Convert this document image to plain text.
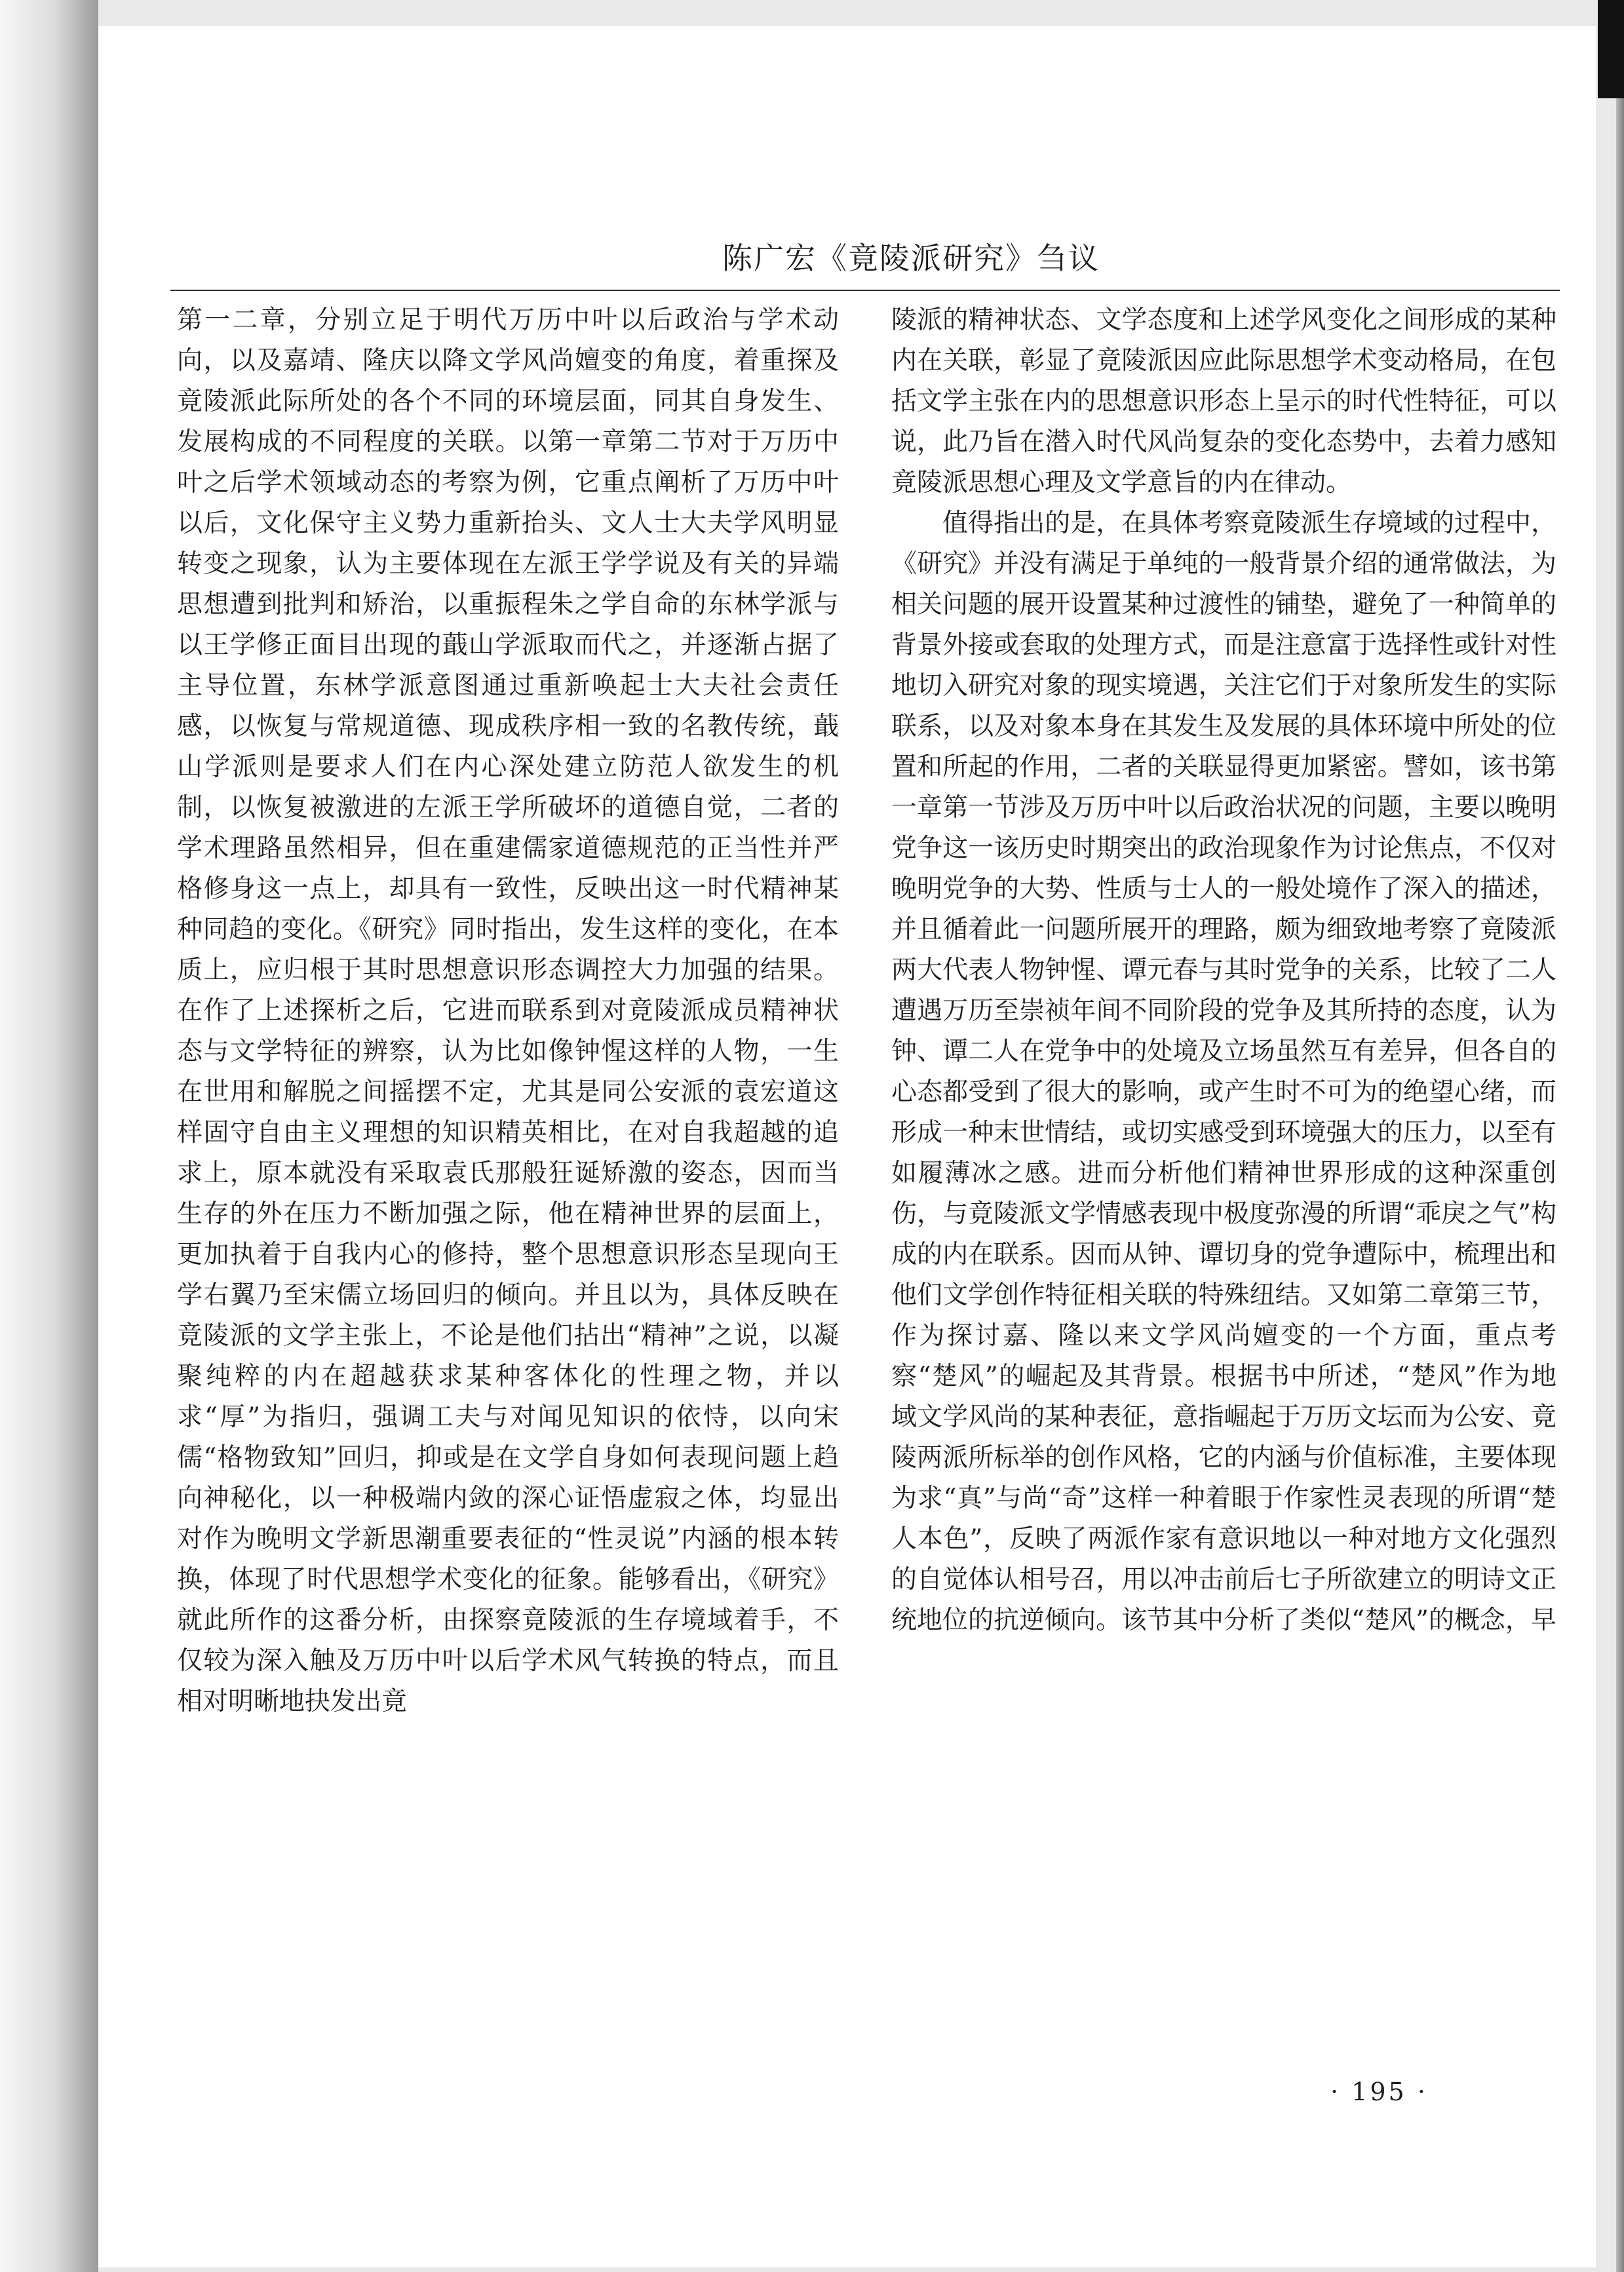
陈广宏《竟陵派研究》刍议

第一二章，分别立足于明代万历中叶以后政治与学术动向，以及嘉靖、隆庆以降文学风尚嬗变的角度，着重探及竟陵派此际所处的各个不同的环境层面，同其自身发生、发展构成的不同程度的关联。以第一章第二节对于万历中叶之后学术领域动态的考察为例，它重点阐析了万历中叶以后，文化保守主义势力重新抬头、文人士大夫学风明显转变之现象，认为主要体现在左派王学学说及有关的异端思想遭到批判和矫治，以重振程朱之学自命的东林学派与以王学修正面目出现的蕺山学派取而代之，并逐渐占据了主导位置，东林学派意图通过重新唤起士大夫社会责任感，以恢复与常规道德、现成秩序相一致的名教传统，蕺山学派则是要求人们在内心深处建立防范人欲发生的机制，以恢复被激进的左派王学所破坏的道德自觉，二者的学术理路虽然相异，但在重建儒家道德规范的正当性并严格修身这一点上，却具有一致性，反映出这一时代精神某种同趋的变化。《研究》同时指出，发生这样的变化，在本质上，应归根于其时思想意识形态调控大力加强的结果。在作了上述探析之后，它进而联系到对竟陵派成员精神状态与文学特征的辨察，认为比如像钟惺这样的人物，一生在世用和解脱之间摇摆不定，尤其是同公安派的袁宏道这样固守自由主义理想的知识精英相比，在对自我超越的追求上，原本就没有采取袁氏那般狂诞矫激的姿态，因而当生存的外在压力不断加强之际，他在精神世界的层面上，更加执着于自我内心的修持，整个思想意识形态呈现向王学右翼乃至宋儒立场回归的倾向。并且以为，具体反映在竟陵派的文学主张上，不论是他们拈出“精神”之说，以凝聚纯粹的内在超越获求某种客体化的性理之物，并以求“厚”为指归，强调工夫与对闻见知识的依恃，以向宋儒“格物致知”回归，抑或是在文学自身如何表现问题上趋向神秘化，以一种极端内敛的深心证悟虚寂之体，均显出对作为晚明文学新思潮重要表征的“性灵说”内涵的根本转换，体现了时代思想学术变化的征象。能够看出，《研究》就此所作的这番分析，由探察竟陵派的生存境域着手，不仅较为深入触及万历中叶以后学术风气转换的特点，而且相对明晰地抉发出竟

陵派的精神状态、文学态度和上述学风变化之间形成的某种内在关联，彰显了竟陵派因应此际思想学术变动格局，在包括文学主张在内的思想意识形态上呈示的时代性特征，可以说，此乃旨在潜入时代风尚复杂的变化态势中，去着力感知竟陵派思想心理及文学意旨的内在律动。

值得指出的是，在具体考察竟陵派生存境域的过程中，《研究》并没有满足于单纯的一般背景介绍的通常做法，为相关问题的展开设置某种过渡性的铺垫，避免了一种简单的背景外接或套取的处理方式，而是注意富于选择性或针对性地切入研究对象的现实境遇，关注它们于对象所发生的实际联系，以及对象本身在其发生及发展的具体环境中所处的位置和所起的作用，二者的关联显得更加紧密。譬如，该书第一章第一节涉及万历中叶以后政治状况的问题，主要以晚明党争这一该历史时期突出的政治现象作为讨论焦点，不仅对晚明党争的大势、性质与士人的一般处境作了深入的描述，并且循着此一问题所展开的理路，颇为细致地考察了竟陵派两大代表人物钟惺、谭元春与其时党争的关系，比较了二人遭遇万历至崇祯年间不同阶段的党争及其所持的态度，认为钟、谭二人在党争中的处境及立场虽然互有差异，但各自的心态都受到了很大的影响，或产生时不可为的绝望心绪，而形成一种末世情结，或切实感受到环境强大的压力，以至有如履薄冰之感。进而分析他们精神世界形成的这种深重创伤，与竟陵派文学情感表现中极度弥漫的所谓“乖戾之气”构成的内在联系。因而从钟、谭切身的党争遭际中，梳理出和他们文学创作特征相关联的特殊纽结。又如第二章第三节，作为探讨嘉、隆以来文学风尚嬗变的一个方面，重点考察“楚风”的崛起及其背景。根据书中所述，“楚风”作为地域文学风尚的某种表征，意指崛起于万历文坛而为公安、竟陵两派所标举的创作风格，它的内涵与价值标准，主要体现为求“真”与尚“奇”这样一种着眼于作家性灵表现的所谓“楚人本色”，反映了两派作家有意识地以一种对地方文化强烈的自觉体认相号召，用以冲击前后七子所欲建立的明诗文正统地位的抗逆倾向。该节其中分析了类似“楚风”的概念，早

· 195 ·
